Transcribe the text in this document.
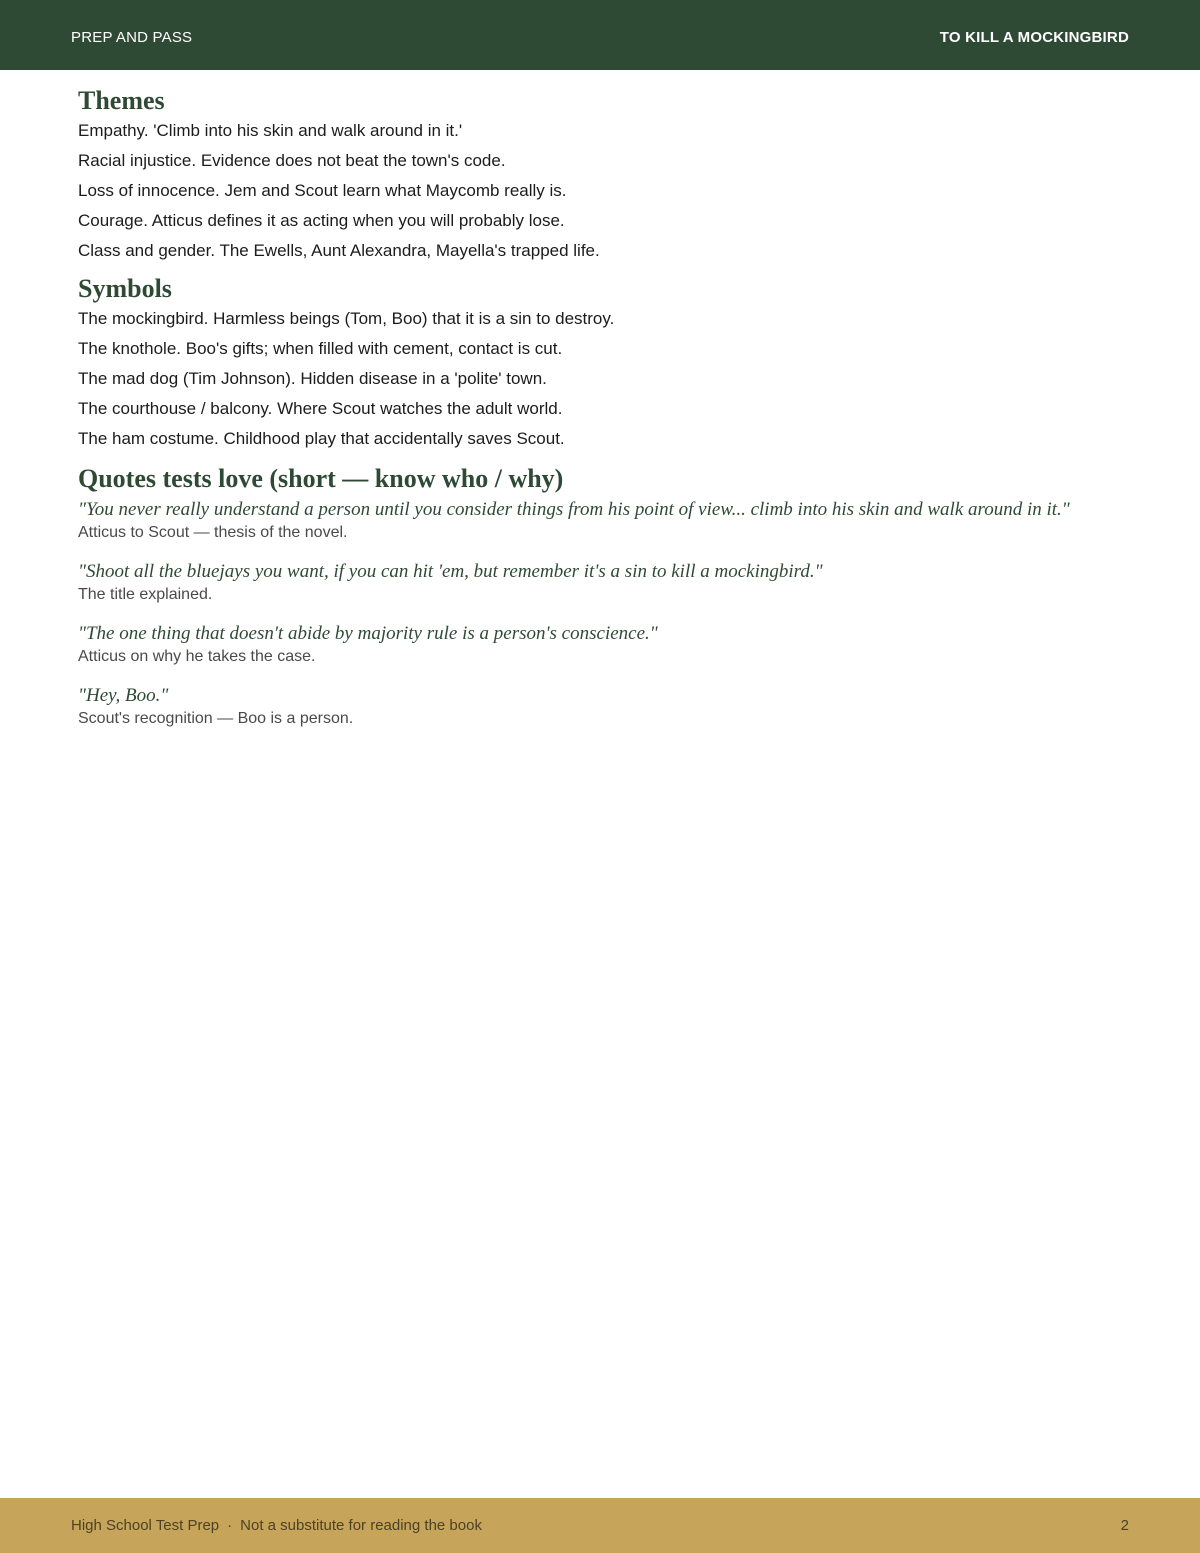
PREP AND PASS	TO KILL A MOCKINGBIRD
Themes

Empathy. 'Climb into his skin and walk around in it.'

Racial injustice. Evidence does not beat the town's code.

Loss of innocence. Jem and Scout learn what Maycomb really is.

Courage. Atticus defines it as acting when you will probably lose.

Class and gender. The Ewells, Aunt Alexandra, Mayella's trapped life.

Symbols

The mockingbird. Harmless beings (Tom, Boo) that it is a sin to destroy.

The knothole. Boo's gifts; when filled with cement, contact is cut.

The mad dog (Tim Johnson). Hidden disease in a 'polite' town.

The courthouse / balcony. Where Scout watches the adult world.

The ham costume. Childhood play that accidentally saves Scout.

Quotes tests love (short — know who / why)
"You never really understand a person until you consider things from his point of view... climb into his skin and walk around in it."
Atticus to Scout — thesis of the novel.
"Shoot all the bluejays you want, if you can hit 'em, but remember it's a sin to kill a mockingbird."
The title explained.
"The one thing that doesn't abide by majority rule is a person's conscience."
Atticus on why he takes the case.
"Hey, Boo."
Scout's recognition — Boo is a person.
High School Test Prep · Not a substitute for reading the book	2
